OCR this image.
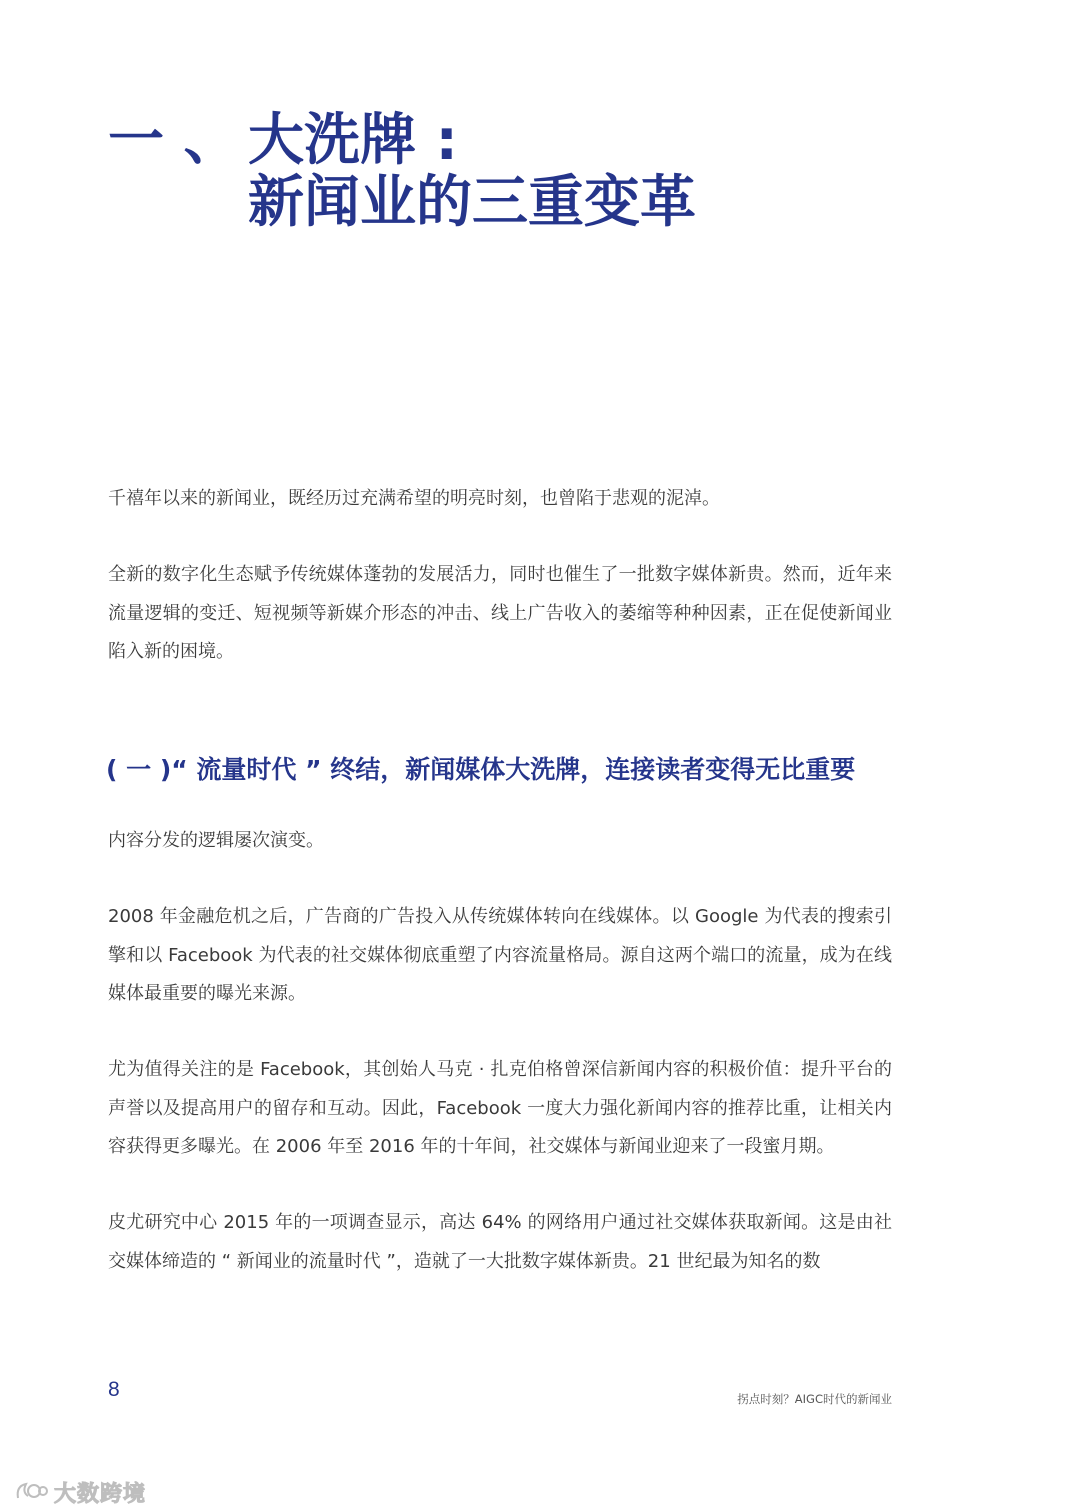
一 、 大洗牌 :
新闻业的三重变革

千禧年以来的新闻业，既经历过充满希望的明亮时刻，也曾陷于悲观的泥淖。

全新的数字化生态赋予传统媒体蓬勃的发展活力，同时也催生了一批数字媒体新贵。然而，近年来流量逻辑的变迁、短视频等新媒介形态的冲击、线上广告收入的萎缩等种种因素，正在促使新闻业陷入新的困境。

( 一 )“ 流量时代 ” 终结，新闻媒体大洗牌，连接读者变得无比重要

内容分发的逻辑屡次演变。

2008 年金融危机之后，广告商的广告投入从传统媒体转向在线媒体。以 Google 为代表的搜索引擎和以 Facebook 为代表的社交媒体彻底重塑了内容流量格局。源自这两个端口的流量，成为在线媒体最重要的曝光来源。

尤为值得关注的是 Facebook，其创始人马克 · 扎克伯格曾深信新闻内容的积极价值：提升平台的声誉以及提高用户的留存和互动。因此，Facebook 一度大力强化新闻内容的推荐比重，让相关内容获得更多曝光。在 2006 年至 2016 年的十年间，社交媒体与新闻业迎来了一段蜜月期。

皮尤研究中心 2015 年的一项调查显示，高达 64% 的网络用户通过社交媒体获取新闻。这是由社交媒体缔造的 “ 新闻业的流量时代 ”，造就了一大批数字媒体新贵。21 世纪最为知名的数

8	拐点时刻？AIGC时代的新闻业
大数跨境
